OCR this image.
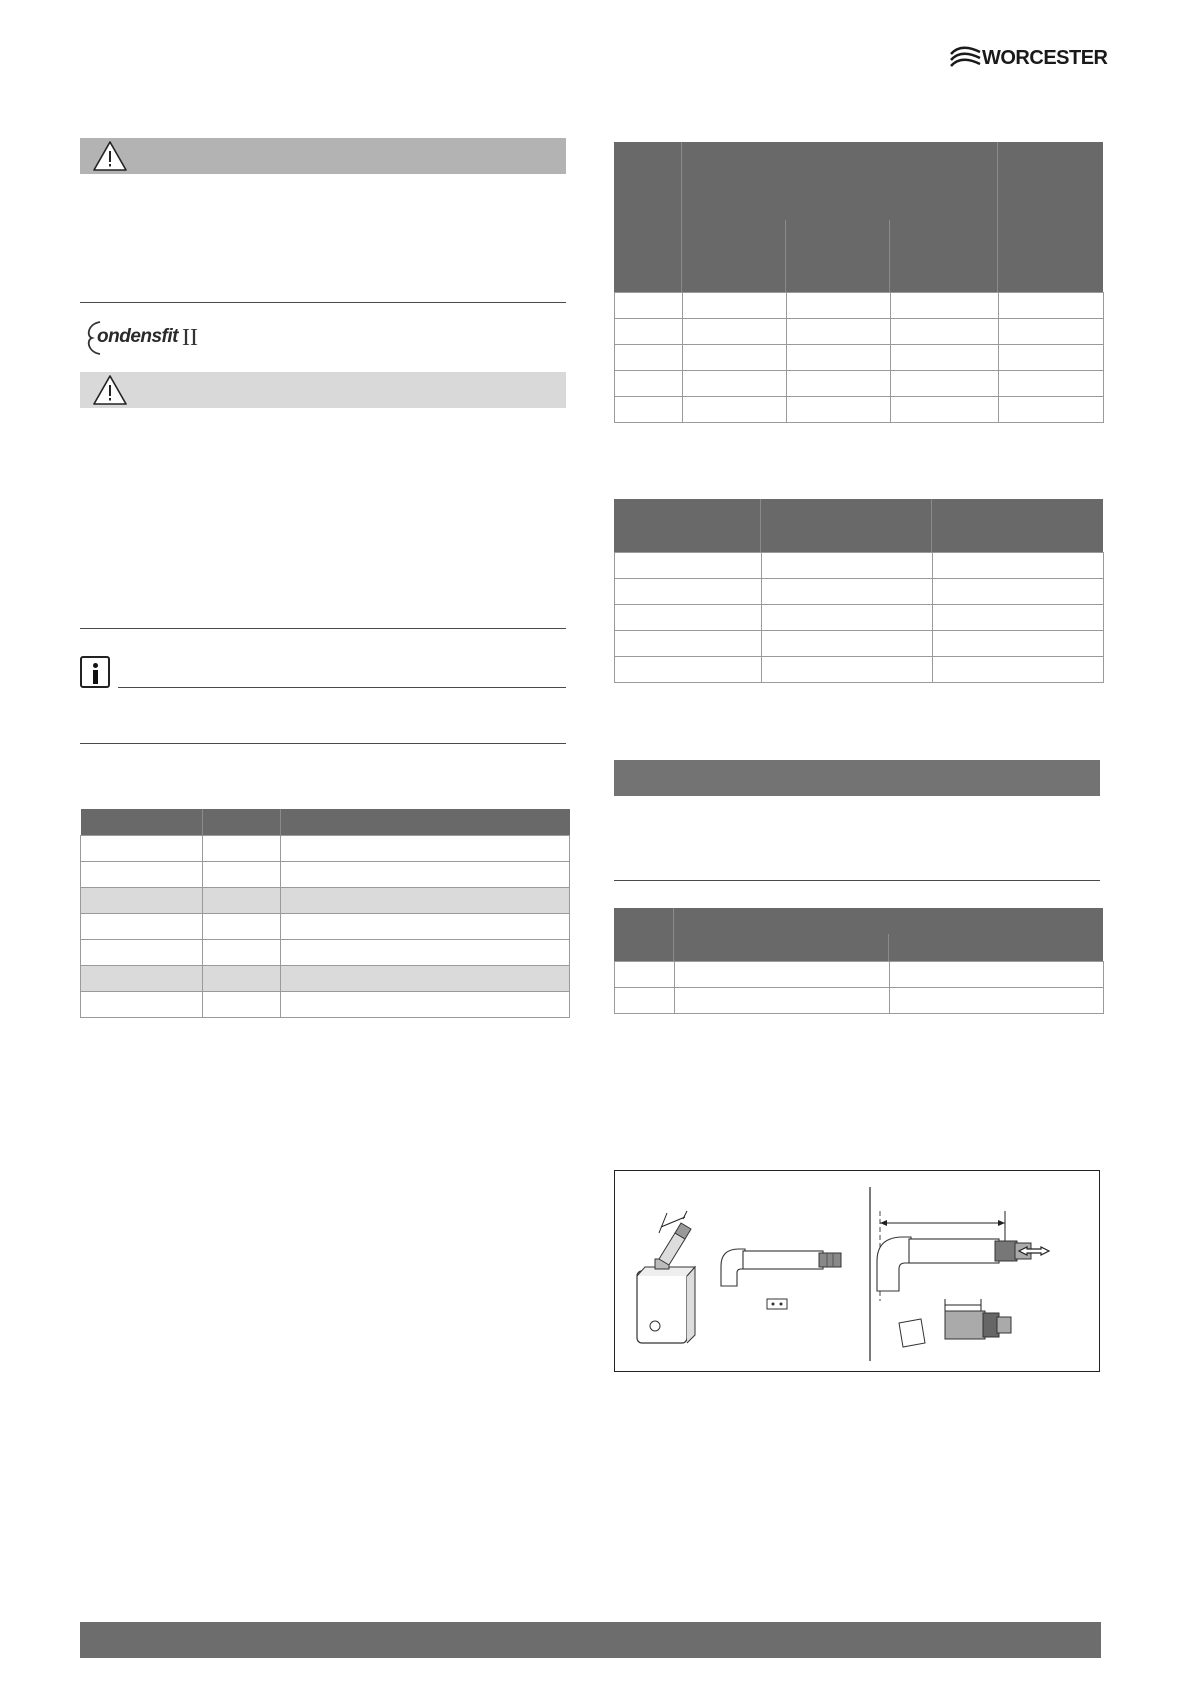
WORCESTER
ondensfit II
